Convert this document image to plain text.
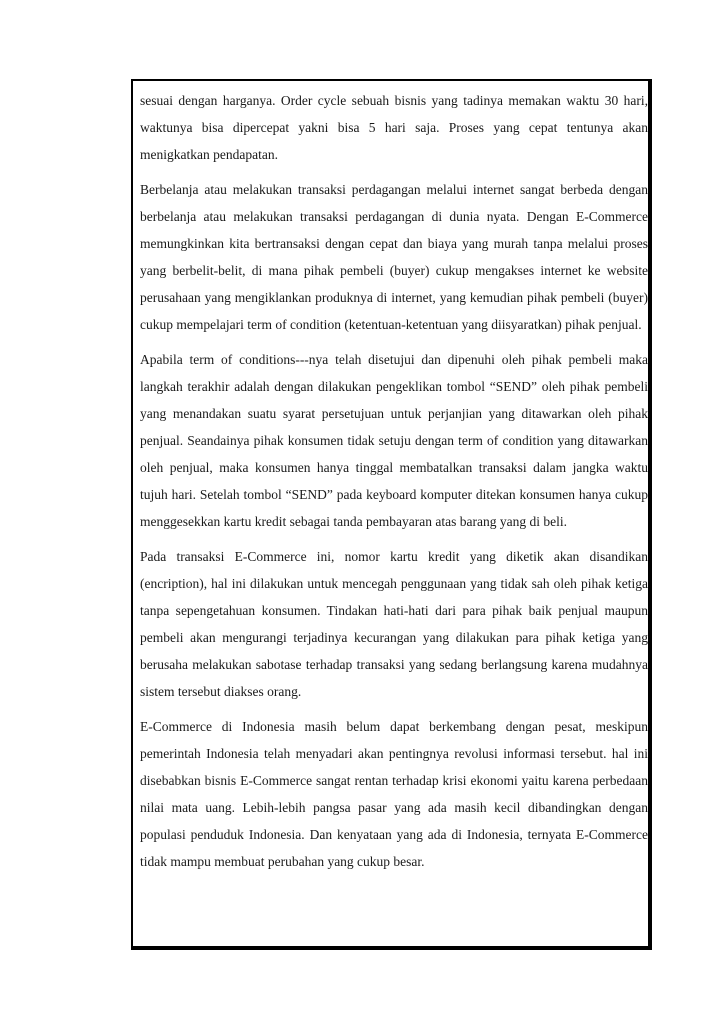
sesuai dengan harganya. Order cycle sebuah bisnis yang tadinya memakan waktu 30 hari, waktunya bisa dipercepat yakni bisa 5 hari saja. Proses yang cepat tentunya akan menigkatkan pendapatan.

Berbelanja atau melakukan transaksi perdagangan melalui internet sangat berbeda dengan berbelanja atau melakukan transaksi perdagangan di dunia nyata. Dengan E-Commerce memungkinkan kita bertransaksi dengan cepat dan biaya yang murah tanpa melalui proses yang berbelit-belit, di mana pihak pembeli (buyer) cukup mengakses internet ke website perusahaan yang mengiklankan produknya di internet, yang kemudian pihak pembeli (buyer) cukup mempelajari term of condition (ketentuan-ketentuan yang diisyaratkan) pihak penjual.

Apabila term of conditions---nya telah disetujui dan dipenuhi oleh pihak pembeli maka langkah terakhir adalah dengan dilakukan pengeklikan tombol “SEND” oleh pihak pembeli yang menandakan suatu syarat persetujuan untuk perjanjian yang ditawarkan oleh pihak penjual. Seandainya pihak konsumen tidak setuju dengan term of condition yang ditawarkan oleh penjual, maka konsumen hanya tinggal membatalkan transaksi dalam jangka waktu tujuh hari. Setelah tombol “SEND” pada keyboard komputer ditekan konsumen hanya cukup menggesekkan kartu kredit sebagai tanda pembayaran atas barang yang di beli.

Pada transaksi E-Commerce ini, nomor kartu kredit yang diketik akan disandikan (encription), hal ini dilakukan untuk mencegah penggunaan yang tidak sah oleh pihak ketiga tanpa sepengetahuan konsumen. Tindakan hati-hati dari para pihak baik penjual maupun pembeli akan mengurangi terjadinya kecurangan yang dilakukan para pihak ketiga yang berusaha melakukan sabotase terhadap transaksi yang sedang berlangsung karena mudahnya sistem tersebut diakses orang.

E-Commerce di Indonesia masih belum dapat berkembang dengan pesat, meskipun pemerintah Indonesia telah menyadari akan pentingnya revolusi informasi tersebut. hal ini disebabkan bisnis E-Commerce sangat rentan terhadap krisi ekonomi yaitu karena perbedaan nilai mata uang. Lebih-lebih pangsa pasar yang ada masih kecil dibandingkan dengan populasi penduduk Indonesia. Dan kenyataan yang ada di Indonesia, ternyata E-Commerce tidak mampu membuat perubahan yang cukup besar.
